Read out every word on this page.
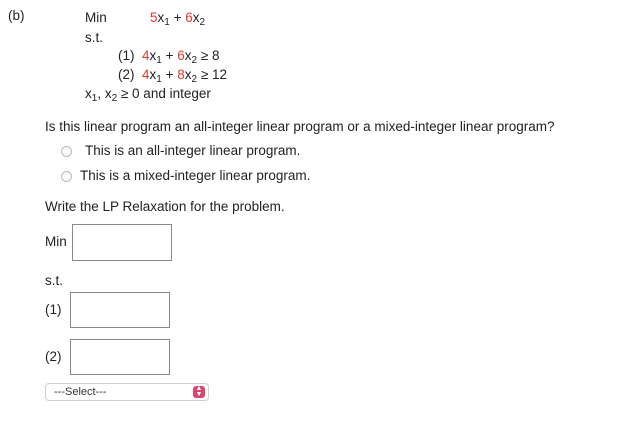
(b)	Min	$5x_1 + 6x_2$
s.t.
(1) $4x_1 + 6x_2 \ge 8$
(2) $4x_1 + 8x_2 \ge 12$
$x_1$, $x_2 \ge 0$ and integer
Is this linear program an all-integer linear program or a mixed-integer linear program?
This is an all-integer linear program.
This is a mixed-integer linear program.
Write the LP Relaxation for the problem.
Min
s.t.
(1)
(2)
---Select---	▲
▼
